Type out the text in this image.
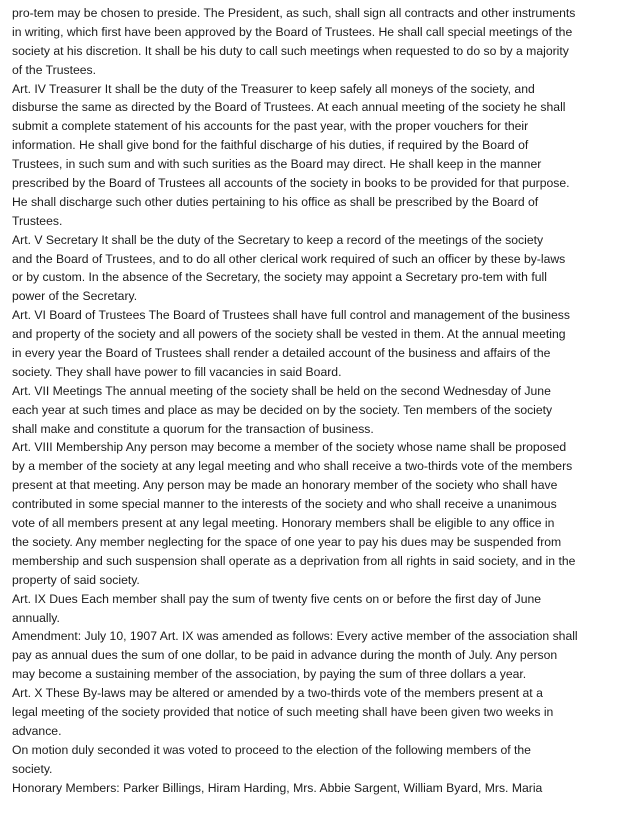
pro-tem may be chosen to preside. The President, as such, shall sign all contracts and other instruments
in writing, which first have been approved by the Board of Trustees. He shall call special meetings of the
society at his discretion. It shall be his duty to call such meetings when requested to do so by a majority
of the Trustees.
Art. IV Treasurer It shall be the duty of the Treasurer to keep safely all moneys of the society, and
disburse the same as directed by the Board of Trustees. At each annual meeting of the society he shall
submit a complete statement of his accounts for the past year, with the proper vouchers for their
information. He shall give bond for the faithful discharge of his duties, if required by the Board of
Trustees, in such sum and with such surities as the Board may direct. He shall keep in the manner
prescribed by the Board of Trustees all accounts of the society in books to be provided for that purpose.
He shall discharge such other duties pertaining to his office as shall be prescribed by the Board of
Trustees.
Art. V Secretary It shall be the duty of the Secretary to keep a record of the meetings of the society
and the Board of Trustees, and to do all other clerical work required of such an officer by these by-laws
or by custom. In the absence of the Secretary, the society may appoint a Secretary pro-tem with full
power of the Secretary.
Art. VI Board of Trustees The Board of Trustees shall have full control and management of the business
and property of the society and all powers of the society shall be vested in them. At the annual meeting
in every year the Board of Trustees shall render a detailed account of the business and affairs of the
society. They shall have power to fill vacancies in said Board.
Art. VII Meetings The annual meeting of the society shall be held on the second Wednesday of June
each year at such times and place as may be decided on by the society. Ten members of the society
shall make and constitute a quorum for the transaction of business.
Art. VIII Membership Any person may become a member of the society whose name shall be proposed
by a member of the society at any legal meeting and who shall receive a two-thirds vote of the members
present at that meeting. Any person may be made an honorary member of the society who shall have
contributed in some special manner to the interests of the society and who shall receive a unanimous
vote of all members present at any legal meeting. Honorary members shall be eligible to any office in
the society. Any member neglecting for the space of one year to pay his dues may be suspended from
membership and such suspension shall operate as a deprivation from all rights in said society, and in the
property of said society.
Art. IX Dues Each member shall pay the sum of twenty five cents on or before the first day of June
annually.
Amendment: July 10, 1907 Art. IX was amended as follows: Every active member of the association shall
pay as annual dues the sum of one dollar, to be paid in advance during the month of July. Any person
may become a sustaining member of the association, by paying the sum of three dollars a year.
Art. X These By-laws may be altered or amended by a two-thirds vote of the members present at a
legal meeting of the society provided that notice of such meeting shall have been given two weeks in
advance.
On motion duly seconded it was voted to proceed to the election of the following members of the
society.
Honorary Members: Parker Billings, Hiram Harding, Mrs. Abbie Sargent, William Byard, Mrs. Maria
